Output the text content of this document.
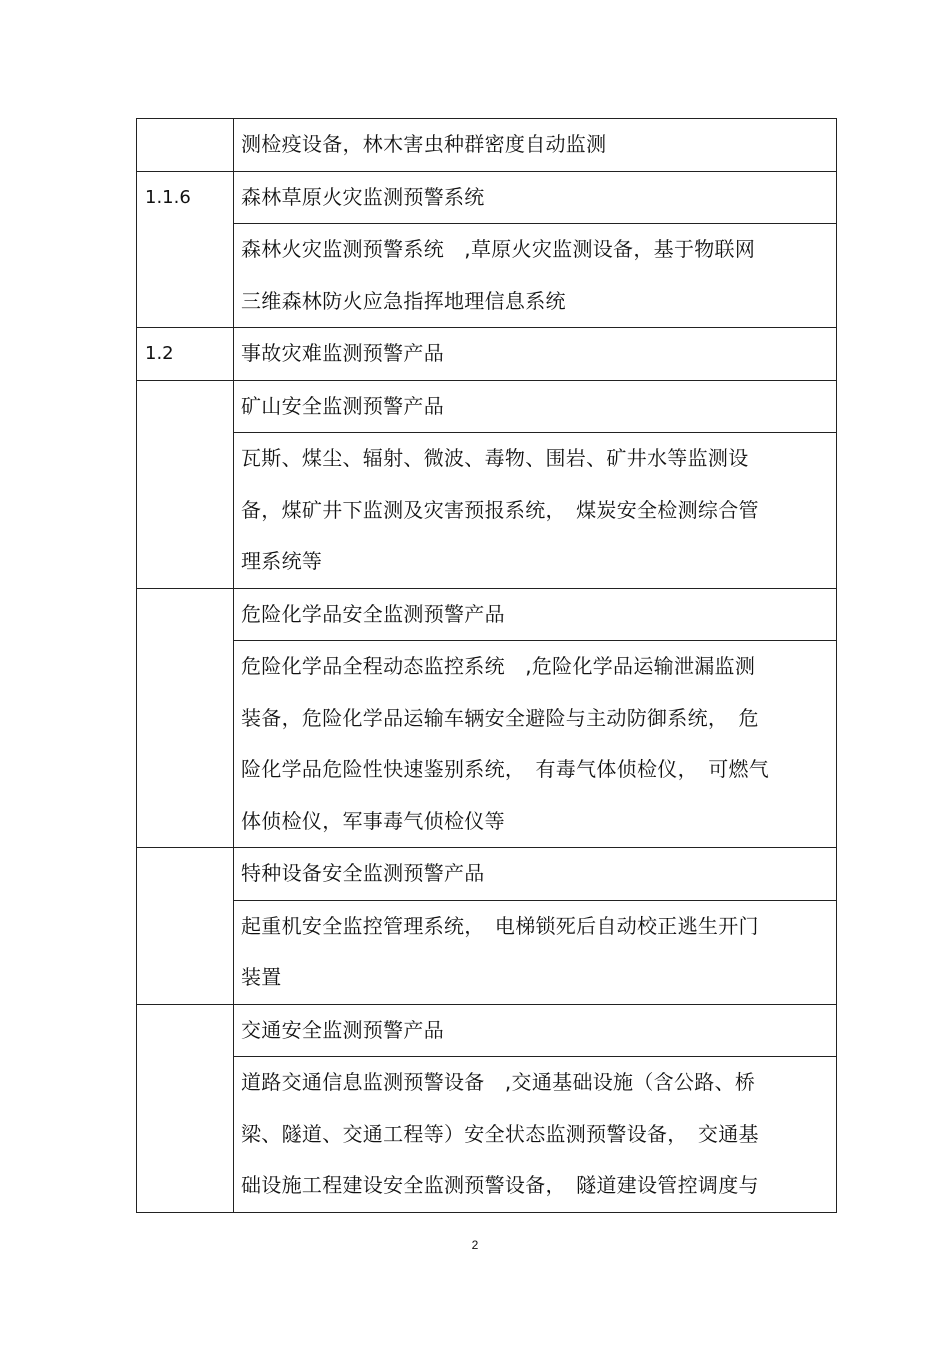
	测检疫设备，林木害虫种群密度自动监测

1.1.6	森林草原火灾监测预警系统

	森林火灾监测预警系统　,草原火灾监测设备，基于物联网
三维森林防火应急指挥地理信息系统

1.2	事故灾难监测预警产品

	矿山安全监测预警产品

	瓦斯、煤尘、辐射、微波、毒物、围岩、矿井水等监测设
备，煤矿井下监测及灾害预报系统，　煤炭安全检测综合管
理系统等

	危险化学品安全监测预警产品

	危险化学品全程动态监控系统　,危险化学品运输泄漏监测
装备，危险化学品运输车辆安全避险与主动防御系统，　危
险化学品危险性快速鉴别系统，　有毒气体侦检仪，　可燃气
体侦检仪，军事毒气侦检仪等

	特种设备安全监测预警产品

	起重机安全监控管理系统，　电梯锁死后自动校正逃生开门
装置

	交通安全监测预警产品

	道路交通信息监测预警设备　,交通基础设施（含公路、桥
梁、隧道、交通工程等）安全状态监测预警设备，　交通基
础设施工程建设安全监测预警设备，　隧道建设管控调度与
2
